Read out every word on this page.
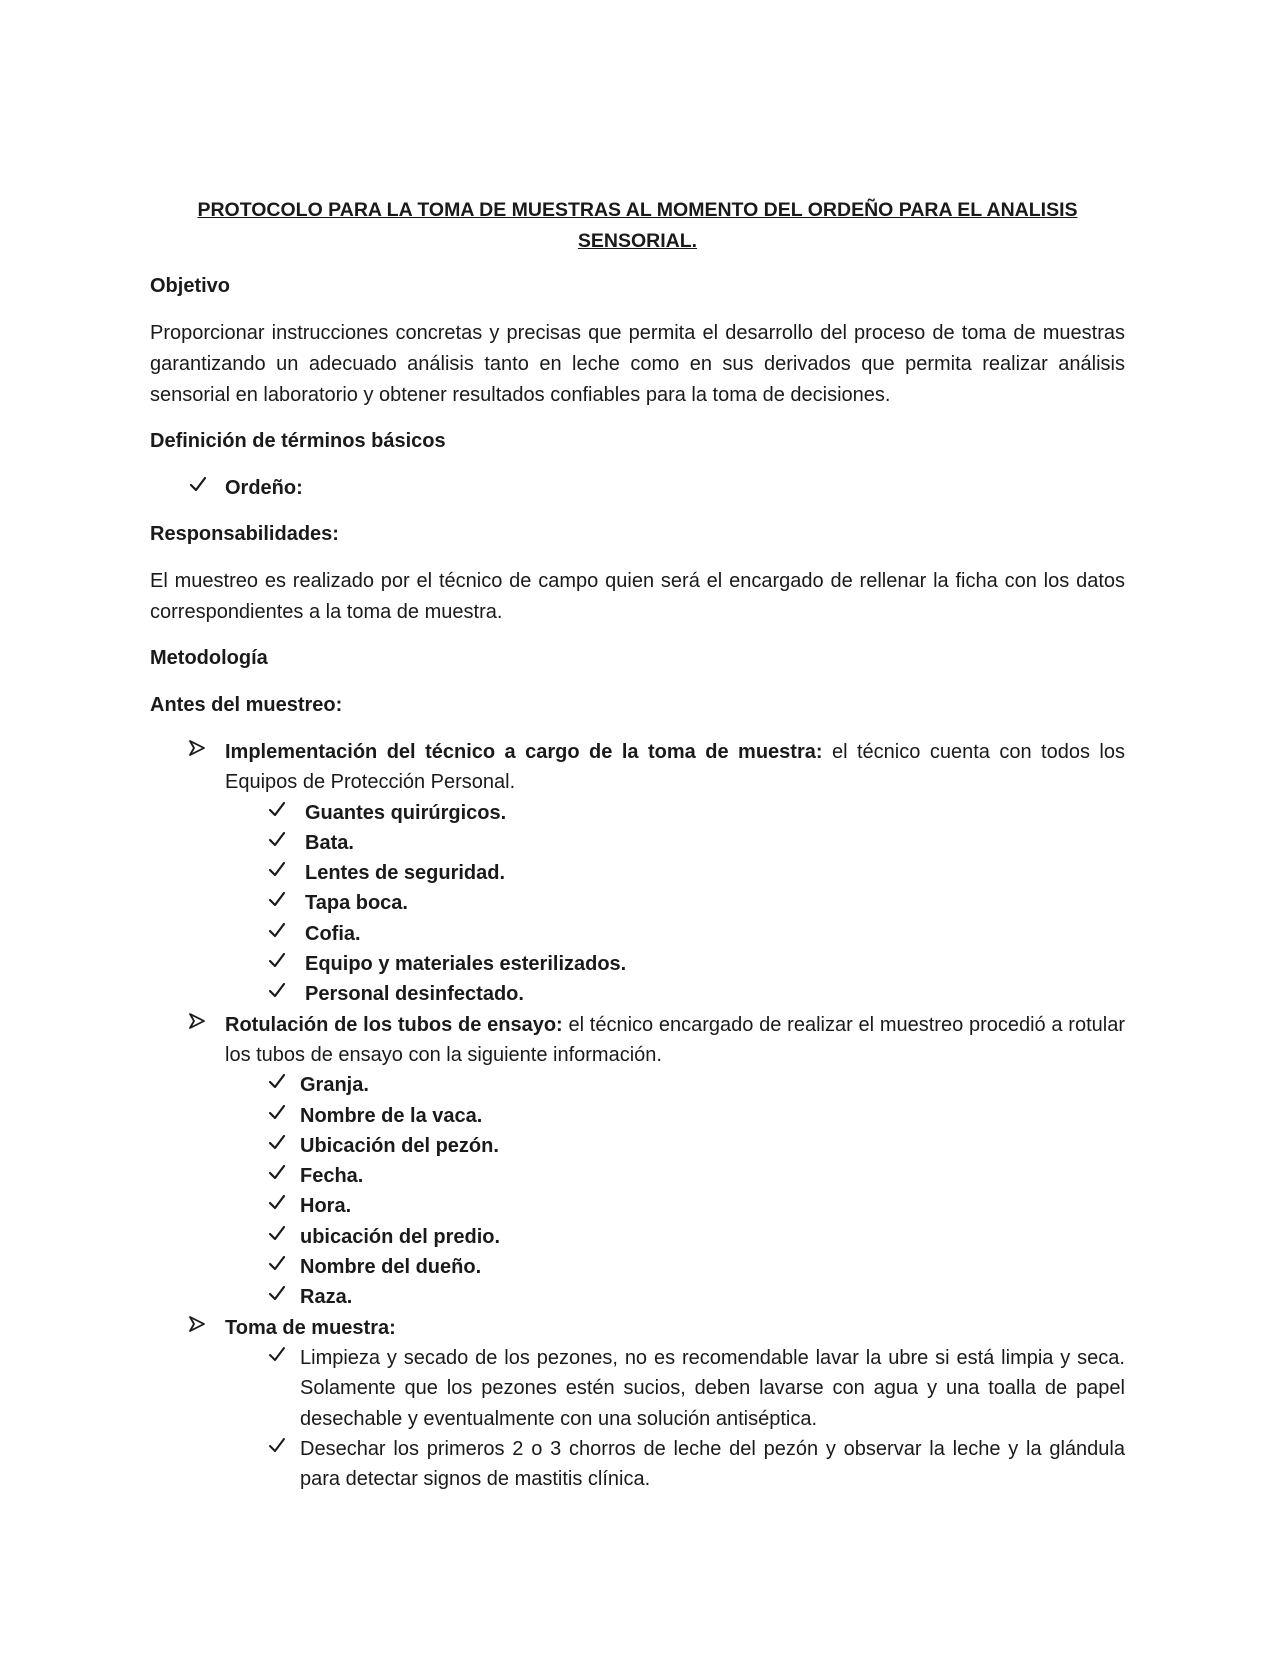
PROTOCOLO PARA LA TOMA DE MUESTRAS AL MOMENTO DEL ORDEÑO PARA EL ANALISIS
SENSORIAL.
Objetivo
Proporcionar instrucciones concretas y precisas que permita el desarrollo del proceso de toma de muestras garantizando un adecuado análisis tanto en leche como en sus derivados que permita realizar análisis sensorial en laboratorio y obtener resultados confiables para la toma de decisiones.
Definición de términos básicos
Ordeño:
Responsabilidades:
El muestreo es realizado por el técnico de campo quien será el encargado de rellenar la ficha con los datos correspondientes a la toma de muestra.
Metodología
Antes del muestreo:
Implementación del técnico a cargo de la toma de muestra: el técnico cuenta con todos los Equipos de Protección Personal.
Guantes quirúrgicos.
Bata.
Lentes de seguridad.
Tapa boca.
Cofia.
Equipo y materiales esterilizados.
Personal desinfectado.
Rotulación de los tubos de ensayo: el técnico encargado de realizar el muestreo procedió a rotular los tubos de ensayo con la siguiente información.
Granja.
Nombre de la vaca.
Ubicación del pezón.
Fecha.
Hora.
ubicación del predio.
Nombre del dueño.
Raza.
Toma de muestra:
Limpieza y secado de los pezones, no es recomendable lavar la ubre si está limpia y seca. Solamente que los pezones estén sucios, deben lavarse con agua y una toalla de papel desechable y eventualmente con una solución antiséptica.
Desechar los primeros 2 o 3 chorros de leche del pezón y observar la leche y la glándula para detectar signos de mastitis clínica.
